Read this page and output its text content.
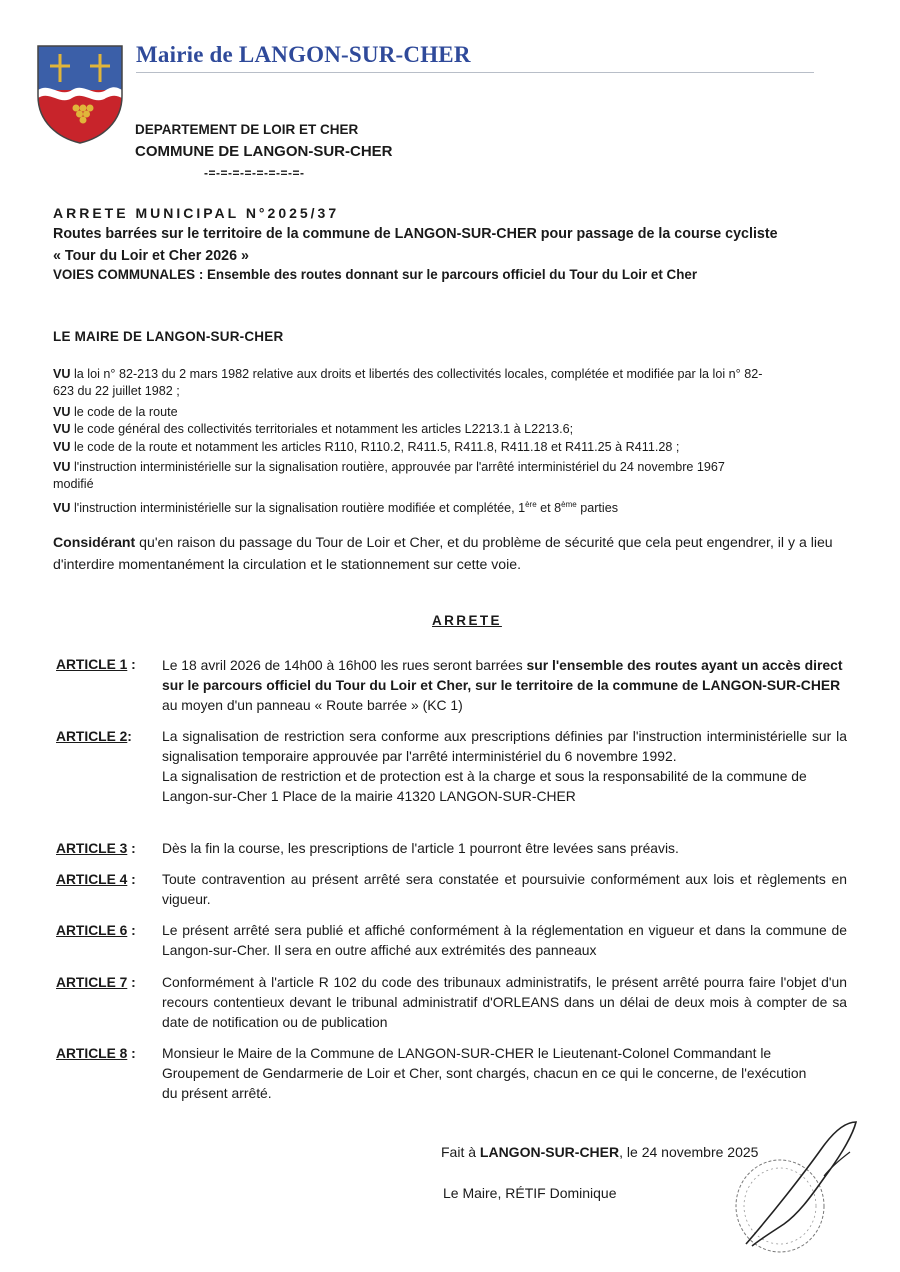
Mairie de LANGON-SUR-CHER
DEPARTEMENT DE LOIR ET CHER
COMMUNE DE LANGON-SUR-CHER
-=-=-=-=-=-=-=-=-
ARRETE MUNICIPAL N°2025/37
Routes barrées sur le territoire de la commune de LANGON-SUR-CHER pour passage de la course cycliste
« Tour du Loir et Cher 2026 »
VOIES COMMUNALES : Ensemble des routes donnant sur le parcours officiel du Tour du Loir et Cher
LE MAIRE DE LANGON-SUR-CHER
VU la loi n° 82-213 du 2 mars 1982 relative aux droits et libertés des collectivités locales, complétée et modifiée par la loi n° 82-
623 du 22 juillet 1982 ;
VU le code de la route
VU le code général des collectivités territoriales et notamment les articles L2213.1 à L2213.6;
VU le code de la route et notamment les articles R110, R110.2, R411.5, R411.8, R411.18 et R411.25 à R411.28 ;
VU l'instruction interministérielle sur la signalisation routière, approuvée par l'arrêté interministériel du 24 novembre 1967
modifié
VU l'instruction interministérielle sur la signalisation routière modifiée et complétée, 1ère et 8ème parties
Considérant qu'en raison du passage du Tour de Loir et Cher, et du problème de sécurité que cela peut engendrer, il y a lieu d'interdire momentanément la circulation et le stationnement sur cette voie.
ARRETE
ARTICLE 1 : Le 18 avril 2026 de 14h00 à 16h00 les rues seront barrées sur l'ensemble des routes ayant un accès direct sur le parcours officiel du Tour du Loir et Cher, sur le territoire de la commune de LANGON-SUR-CHER au moyen d'un panneau « Route barrée » (KC 1)
ARTICLE 2: La signalisation de restriction sera conforme aux prescriptions définies par l'instruction interministérielle sur la signalisation temporaire approuvée par l'arrêté interministériel du 6 novembre 1992.
La signalisation de restriction et de protection est à la charge et sous la responsabilité de la commune de Langon-sur-Cher 1 Place de la mairie 41320 LANGON-SUR-CHER
ARTICLE 3 : Dès la fin la course, les prescriptions de l'article 1 pourront être levées sans préavis.
ARTICLE 4 : Toute contravention au présent arrêté sera constatée et poursuivie conformément aux lois et règlements en vigueur.
ARTICLE 6 : Le présent arrêté sera publié et affiché conformément à la réglementation en vigueur et dans la commune de Langon-sur-Cher. Il sera en outre affiché aux extrémités des panneaux
ARTICLE 7 : Conformément à l'article R 102 du code des tribunaux administratifs, le présent arrêté pourra faire l'objet d'un recours contentieux devant le tribunal administratif d'ORLEANS dans un délai de deux mois à compter de sa date de notification ou de publication
ARTICLE 8 : Monsieur le Maire de la Commune de LANGON-SUR-CHER le Lieutenant-Colonel Commandant le Groupement de Gendarmerie de Loir et Cher, sont chargés, chacun en ce qui le concerne, de l'exécution du présent arrêté.
Fait à LANGON-SUR-CHER, le 24 novembre 2025
Le Maire, RÉTIF Dominique
